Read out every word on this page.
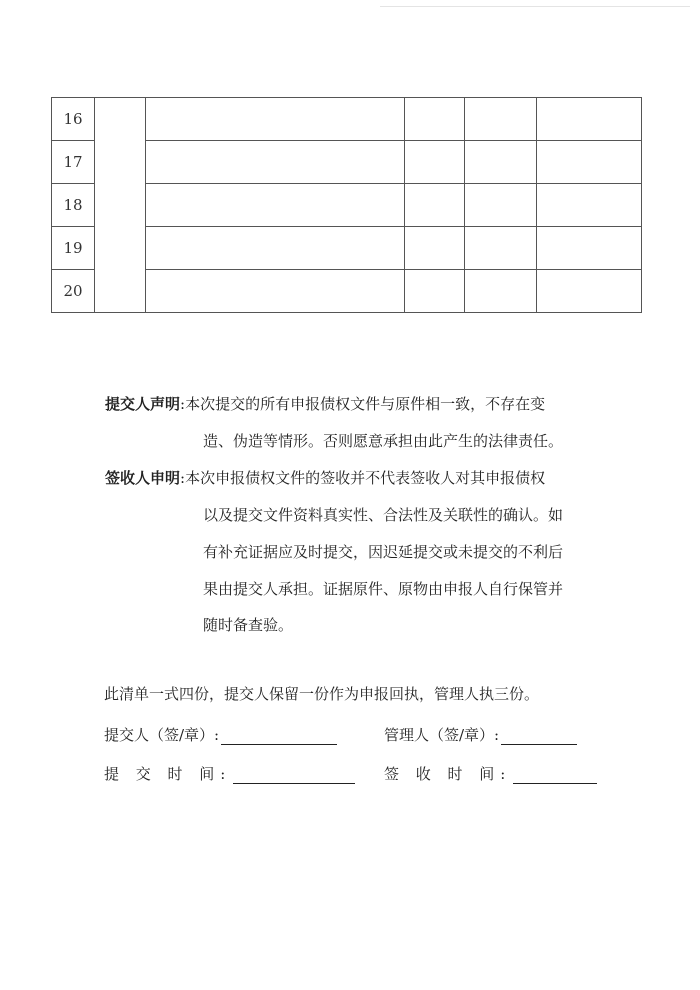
16					
17					
18					
19					
20					
提交人声明:本次提交的所有申报债权文件与原件相一致，不存在变
造、伪造等情形。否则愿意承担由此产生的法律责任。
签收人申明:本次申报债权文件的签收并不代表签收人对其申报债权
以及提交文件资料真实性、合法性及关联性的确认。如
有补充证据应及时提交，因迟延提交或未提交的不利后
果由提交人承担。证据原件、原物由申报人自行保管并
随时备查验。
此清单一式四份，提交人保留一份作为申报回执，管理人执三份。
提交人（签/章）:	管理人（签/章）:
提 交 时 间:	签 收 时 间:
